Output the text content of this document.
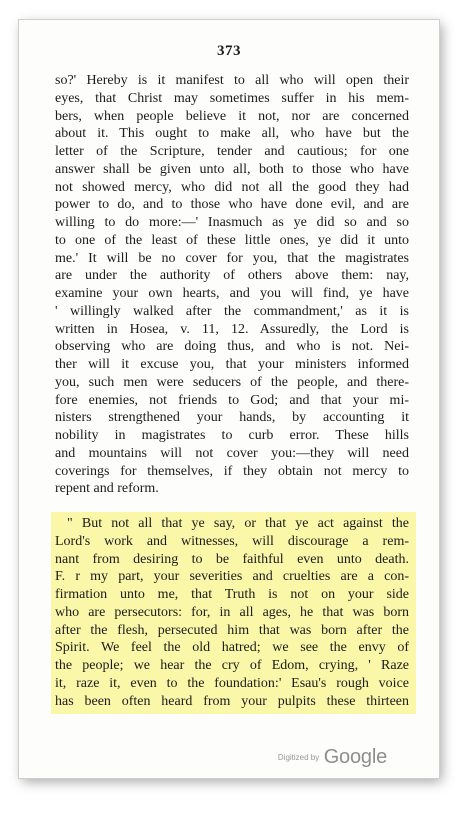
373
so?' Hereby is it manifest to all who will open their
eyes, that Christ may sometimes suffer in his mem-
bers, when people believe it not, nor are concerned
about it. This ought to make all, who have but the
letter of the Scripture, tender and cautious; for one
answer shall be given unto all, both to those who have
not showed mercy, who did not all the good they had
power to do, and to those who have done evil, and are
willing to do more:—' Inasmuch as ye did so and so
to one of the least of these little ones, ye did it unto
me.' It will be no cover for you, that the magistrates
are under the authority of others above them: nay,
examine your own hearts, and you will find, ye have
' willingly walked after the commandment,' as it is
written in Hosea, v. 11, 12. Assuredly, the Lord is
observing who are doing thus, and who is not. Nei-
ther will it excuse you, that your ministers informed
you, such men were seducers of the people, and there-
fore enemies, not friends to God; and that your mi-
nisters strengthened your hands, by accounting it
nobility in magistrates to curb error. These hills
and mountains will not cover you:—they will need
coverings for themselves, if they obtain not mercy to
repent and reform.
" But not all that ye say, or that ye act against the
Lord's work and witnesses, will discourage a rem-
nant from desiring to be faithful even unto death.
F. r my part, your severities and cruelties are a con-
firmation unto me, that Truth is not on your side
who are persecutors: for, in all ages, he that was born
after the flesh, persecuted him that was born after the
Spirit. We feel the old hatred; we see the envy of
the people; we hear the cry of Edom, crying, ' Raze
it, raze it, even to the foundation:' Esau's rough voice
has been often heard from your pulpits these thirteen
Digitized by Google
